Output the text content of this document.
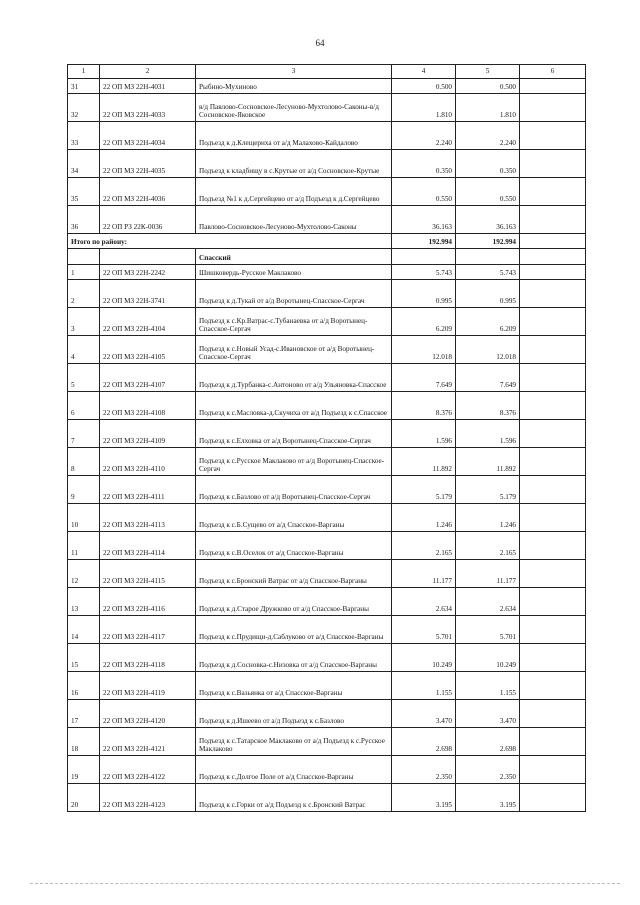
64
1	2	3	4	5	6
31	22 ОП МЗ 22Н-4031	Рыбино-Мухиново	0.500	0.500	
32	22 ОП МЗ 22Н-4033	в/д Павлово-Сосновское-Лесуново-Мухтолово-Саконы-в/д Сосновское-Яковское	1.810	1.810	
33	22 ОП МЗ 22Н-4034	Подъезд к д.Клещериха от а/д Малахово-Кайдалово	2.240	2.240	
34	22 ОП МЗ 22Н-4035	Подъезд к кладбищу в с.Крутые от а/д Сосновское-Крутые	0.350	0.350	
35	22 ОП МЗ 22Н-4036	Подъезд №1 к д.Сергейцево от а/д Подъезд к д.Сергейцево	0.550	0.550	
36	22 ОП РЗ 22К-0036	Павлово-Сосновское-Лесуново-Мухтолово-Саконы	36.163	36.163	
Итого по району:			192.994	192.994	
		Спасский			
1	22 ОП МЗ 22Н-2242	Шишковердь-Русское Маклаково	5.743	5.743	
2	22 ОП МЗ 22Н-3741	Подъезд к д.Тукай от а/д Воротынец-Спасское-Сергач	0.995	0.995	
3	22 ОП МЗ 22Н-4104	Подъезд к с.Кр.Ватрас-с.Тубанаевка от а/д Воротынец-Спасское-Сергач	6.209	6.209	
4	22 ОП МЗ 22Н-4105	Подъезд к с.Новый Усад-с.Ивановское от а/д Воротынец-Спасское-Сергач	12.018	12.018	
5	22 ОП МЗ 22Н-4107	Подъезд к д.Турбанка-с.Антоново от а/д Ульяновка-Спасское	7.649	7.649	
6	22 ОП МЗ 22Н-4108	Подъезд к с.Масловка-д.Скучиха от а/д Подъезд к с.Спасское	8.376	8.376	
7	22 ОП МЗ 22Н-4109	Подъезд к с.Елховка от а/д Воротынец-Спасское-Сергач	1.596	1.596	
8	22 ОП МЗ 22Н-4110	Подъезд к с.Русское Маклаково от а/д Воротынец-Спасское-Сергач	11.892	11.892	
9	22 ОП МЗ 22Н-4111	Подъезд к с.Базлово от а/д Воротынец-Спасское-Сергач	5.179	5.179	
10	22 ОП МЗ 22Н-4113	Подъезд к с.Б.Сущево от а/д Спасское-Варганы	1.246	1.246	
11	22 ОП МЗ 22Н-4114	Подъезд к с.В.Оселок от а/д Спасское-Варганы	2.165	2.165	
12	22 ОП МЗ 22Н-4115	Подъезд к с.Бронский Ватрас от а/д Спасское-Варганы	11.177	11.177	
13	22 ОП МЗ 22Н-4116	Подъезд к д.Старое Дружково от а/д Спасское-Варганы	2.634	2.634	
14	22 ОП МЗ 22Н-4117	Подъезд к с.Прудищи-д.Саблуково от а/д Спасское-Варганы	5.701	5.701	
15	22 ОП МЗ 22Н-4118	Подъезд к д.Сосновка-с.Низовка от а/д Спасское-Варганы	10.249	10.249	
16	22 ОП МЗ 22Н-4119	Подъезд к с.Вазьянка от а/д Спасское-Варганы	1.155	1.155	
17	22 ОП МЗ 22Н-4120	Подъезд к д.Ишеево от а/д Подъезд к с.Базлово	3.470	3.470	
18	22 ОП МЗ 22Н-4121	Подъезд к с.Татарское Маклаково от а/д Подъезд к с.Русское Маклаково	2.698	2.698	
19	22 ОП МЗ 22Н-4122	Подъезд к с.Долгое Поле от а/д Спасское-Варганы	2.350	2.350	
20	22 ОП МЗ 22Н-4123	Подъезд к с.Горки от а/д Подъезд к с.Бронский Ватрас	3.195	3.195	
